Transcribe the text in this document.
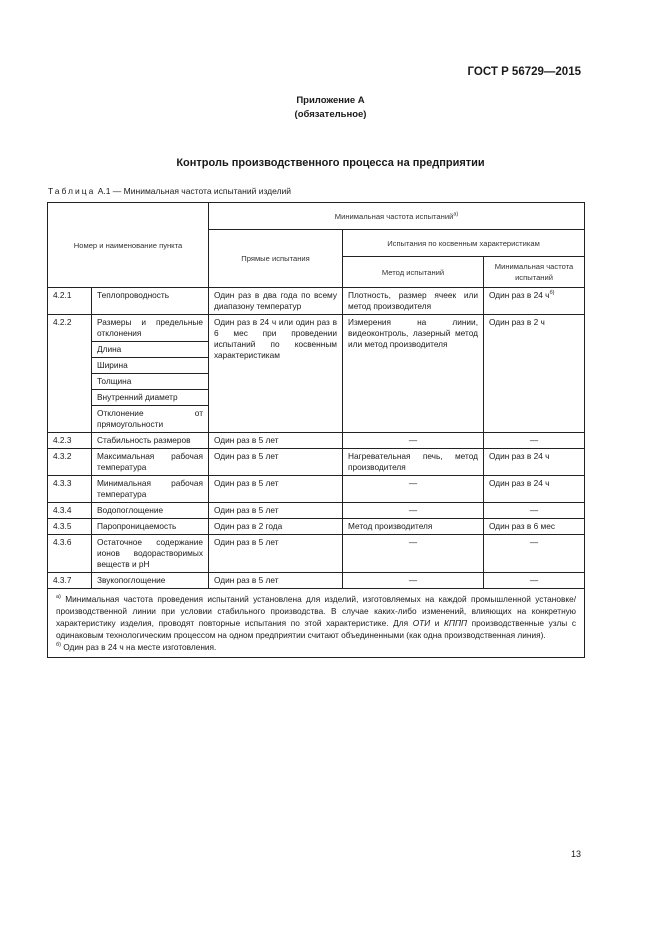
ГОСТ Р 56729—2015
Приложение А
(обязательное)
Контроль производственного процесса на предприятии
Таблица А.1 — Минимальная частота испытаний изделий
Номер и наименование пункта		Минимальная частота испытаний$^{а)}$
		Прямые испытания	Испытания по косвенным характеристикам	
			Метод испытаний	Минимальная частота испытаний
4.2.1	Теплопроводность	Один раз в два года по всему диапазону температур	Плотность, размер ячеек или метод производителя	Один раз в 24 $ч^{б)}$
4.2.2	Размеры и предельные отклонения	Один раз в 24 ч или один раз в 6 мес при проведении испытаний по косвенным характеристикам	Измерения на линии, видеоконтроль, лазерный метод или метод производителя	Один раз в 2 ч
	Длина			
	Ширина			
	Толщина			
	Внутренний диаметр			
	Отклонение от прямоугольности			
4.2.3	Стабильность размеров	Один раз в 5 лет	—	—
4.3.2	Максимальная рабочая температура	Один раз в 5 лет	Нагревательная печь, метод производителя	Один раз в 24 ч
4.3.3	Минимальная рабочая температура	Один раз в 5 лет	—	Один раз в 24 ч
4.3.4	Водопоглощение	Один раз в 5 лет	—	—
4.3.5	Паропроницаемость	Один раз в 2 года	Метод производителя	Один раз в 6 мес
4.3.6	Остаточное содержание ионов водорастворимых веществ и pH	Один раз в 5 лет	—	—
4.3.7	Звукопоглощение	Один раз в 5 лет	—	—

$^{а)}$ Минимальная частота проведения испытаний установлена для изделий, изготовляемых на каждой промышленной установке/производственной линии при условии стабильного производства. В случае каких-либо изменений, влияющих на конкретную характеристику изделия, проводят повторные испытания по этой характеристике. Для ОТИ и КППП производственные узлы с одинаковым технологическим процессом на одном предприятии считают объединенными (как одна производственная линия).
$^{б)}$ Один раз в 24 ч на месте изготовления.				
13
